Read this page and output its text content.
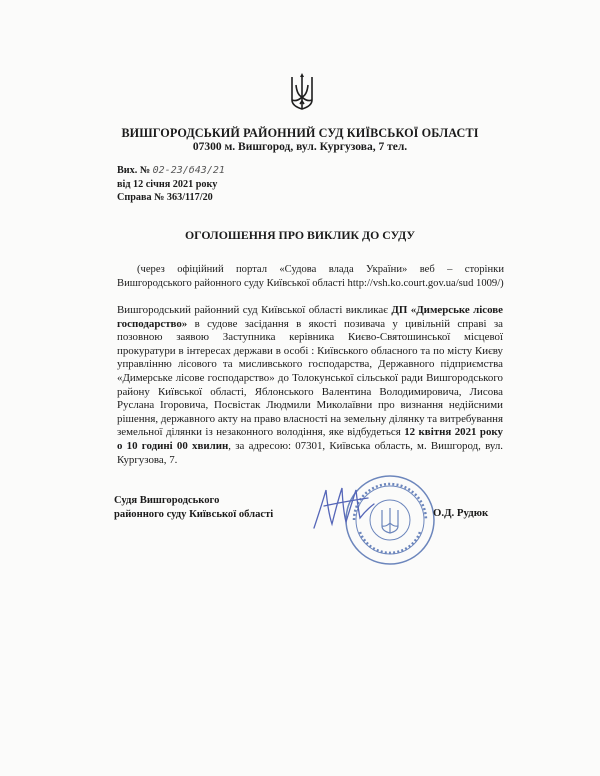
ВИШГОРОДСЬКИЙ РАЙОННИЙ СУД КИЇВСЬКОЇ ОБЛАСТІ
07300 м. Вишгород, вул. Кургузова, 7 тел.
Вих. № 02-23/б43/21
від 12 січня 2021 року
Справа № 363/117/20
ОГОЛОШЕННЯ ПРО ВИКЛИК ДО СУДУ
(через офіційний портал «Судова влада України» веб – сторінки
Вишгородського районного суду Київської області http://vsh.ko.court.gov.ua/sud 1009/)

Вишгородський районний суд Київської області викликає ДП «Димерське лісове господарство» в судове засідання в якості позивача у цивільній справі за позовною заявою Заступника керівника Києво-Святошинської місцевої прокуратури в інтересах держави в особі : Київського обласного та по місту Києву управлінню лісового та мисливського господарства, Державного підприємства «Димерське лісове господарство» до Толокунської сільської ради Вишгородського району Київської області, Яблонського Валентина Володимировича, Лисова Руслана Ігоровича, Посвістак Людмили Миколаївни про визнання недійсними рішення, державного акту на право власності на земельну ділянку та витребування земельної ділянки із незаконного володіння, яке відбудеться 12 квітня 2021 року о 10 годині 00 хвилин, за адресою: 07301, Київська область, м. Вишгород, вул. Кургузова, 7.

Судя Вишгородського
районного суду Київської області	О.Д. Рудюк
